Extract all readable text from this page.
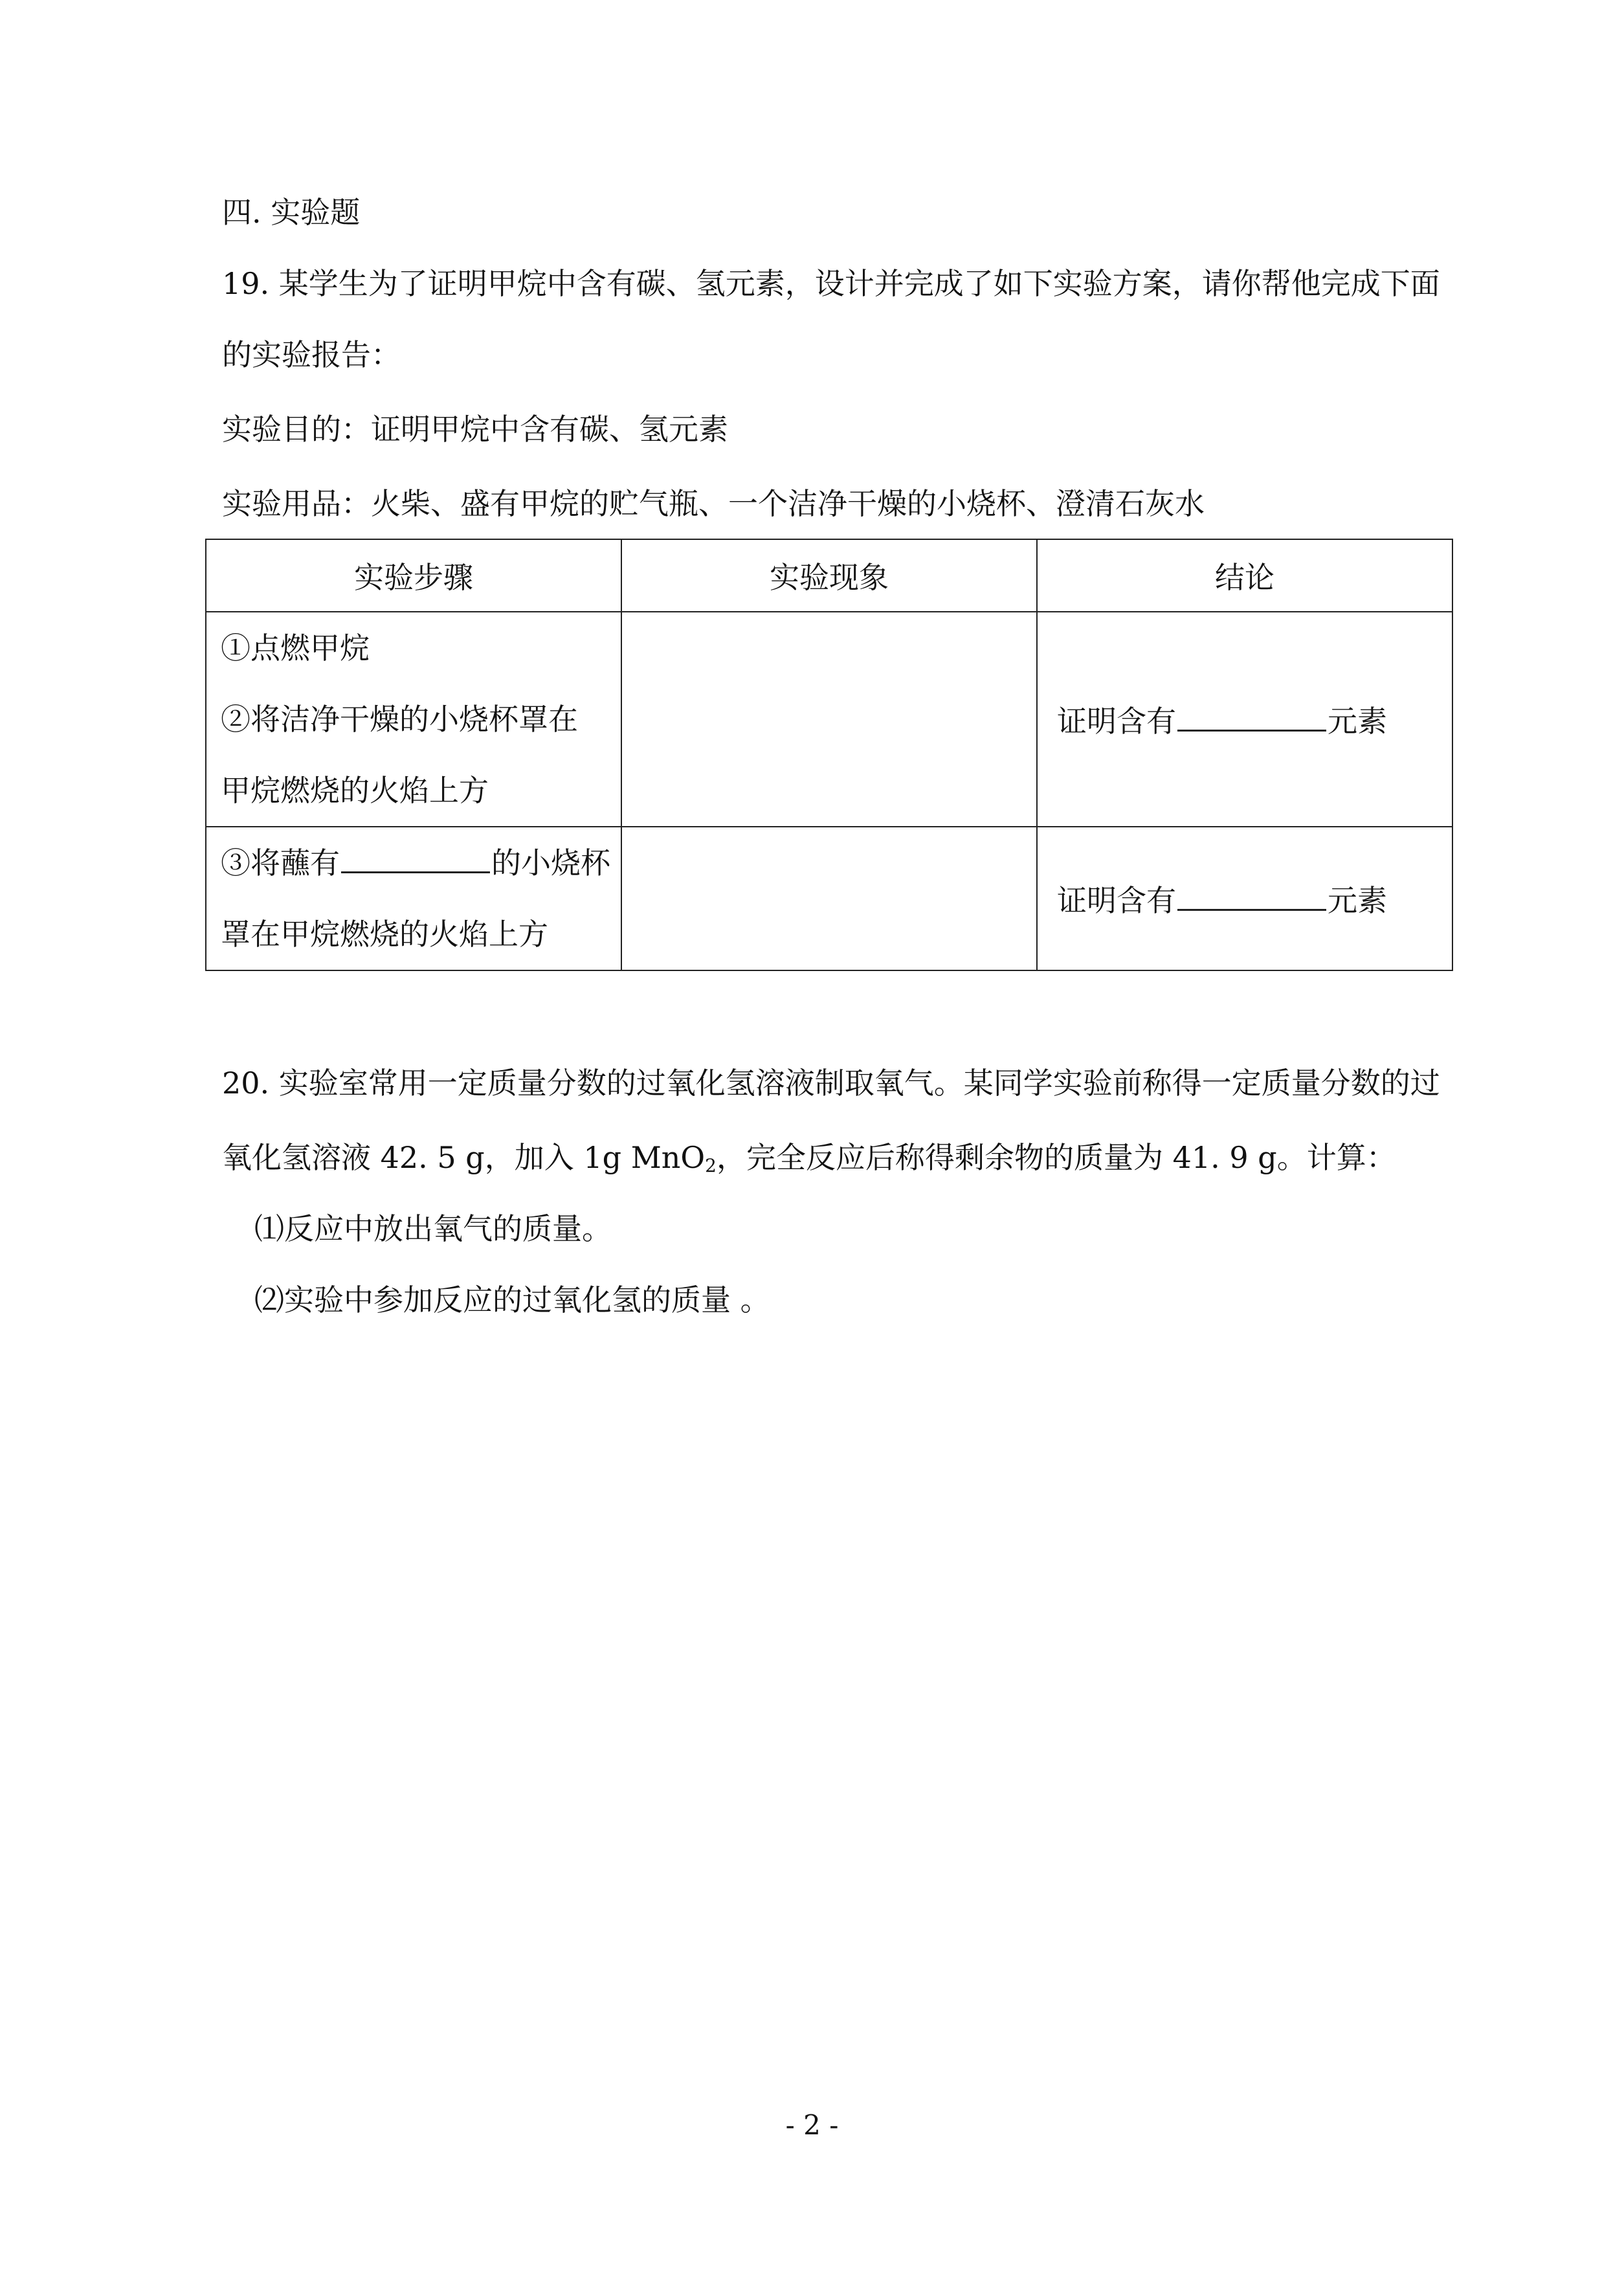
四. 实验题
19. 某学生为了证明甲烷中含有碳、氢元素，设计并完成了如下实验方案，请你帮他完成下面
的实验报告：
实验目的：证明甲烷中含有碳、氢元素
实验用品：火柴、盛有甲烷的贮气瓶、一个洁净干燥的小烧杯、澄清石灰水
实验步骤	实验现象	结论

①点燃甲烷
②将洁净干燥的小烧杯罩在
甲烷燃烧的火焰上方		证明含有 元素

③将蘸有 的小烧杯
罩在甲烷燃烧的火焰上方		证明含有 元素
20. 实验室常用一定质量分数的过氧化氢溶液制取氧气。某同学实验前称得一定质量分数的过
氧化氢溶液 42. 5 g，加入 1g MnO$_2$，完全反应后称得剩余物的质量为 41. 9 g。计算：
⑴反应中放出氧气的质量。
⑵实验中参加反应的过氧化氢的质量 。
- 2 -
